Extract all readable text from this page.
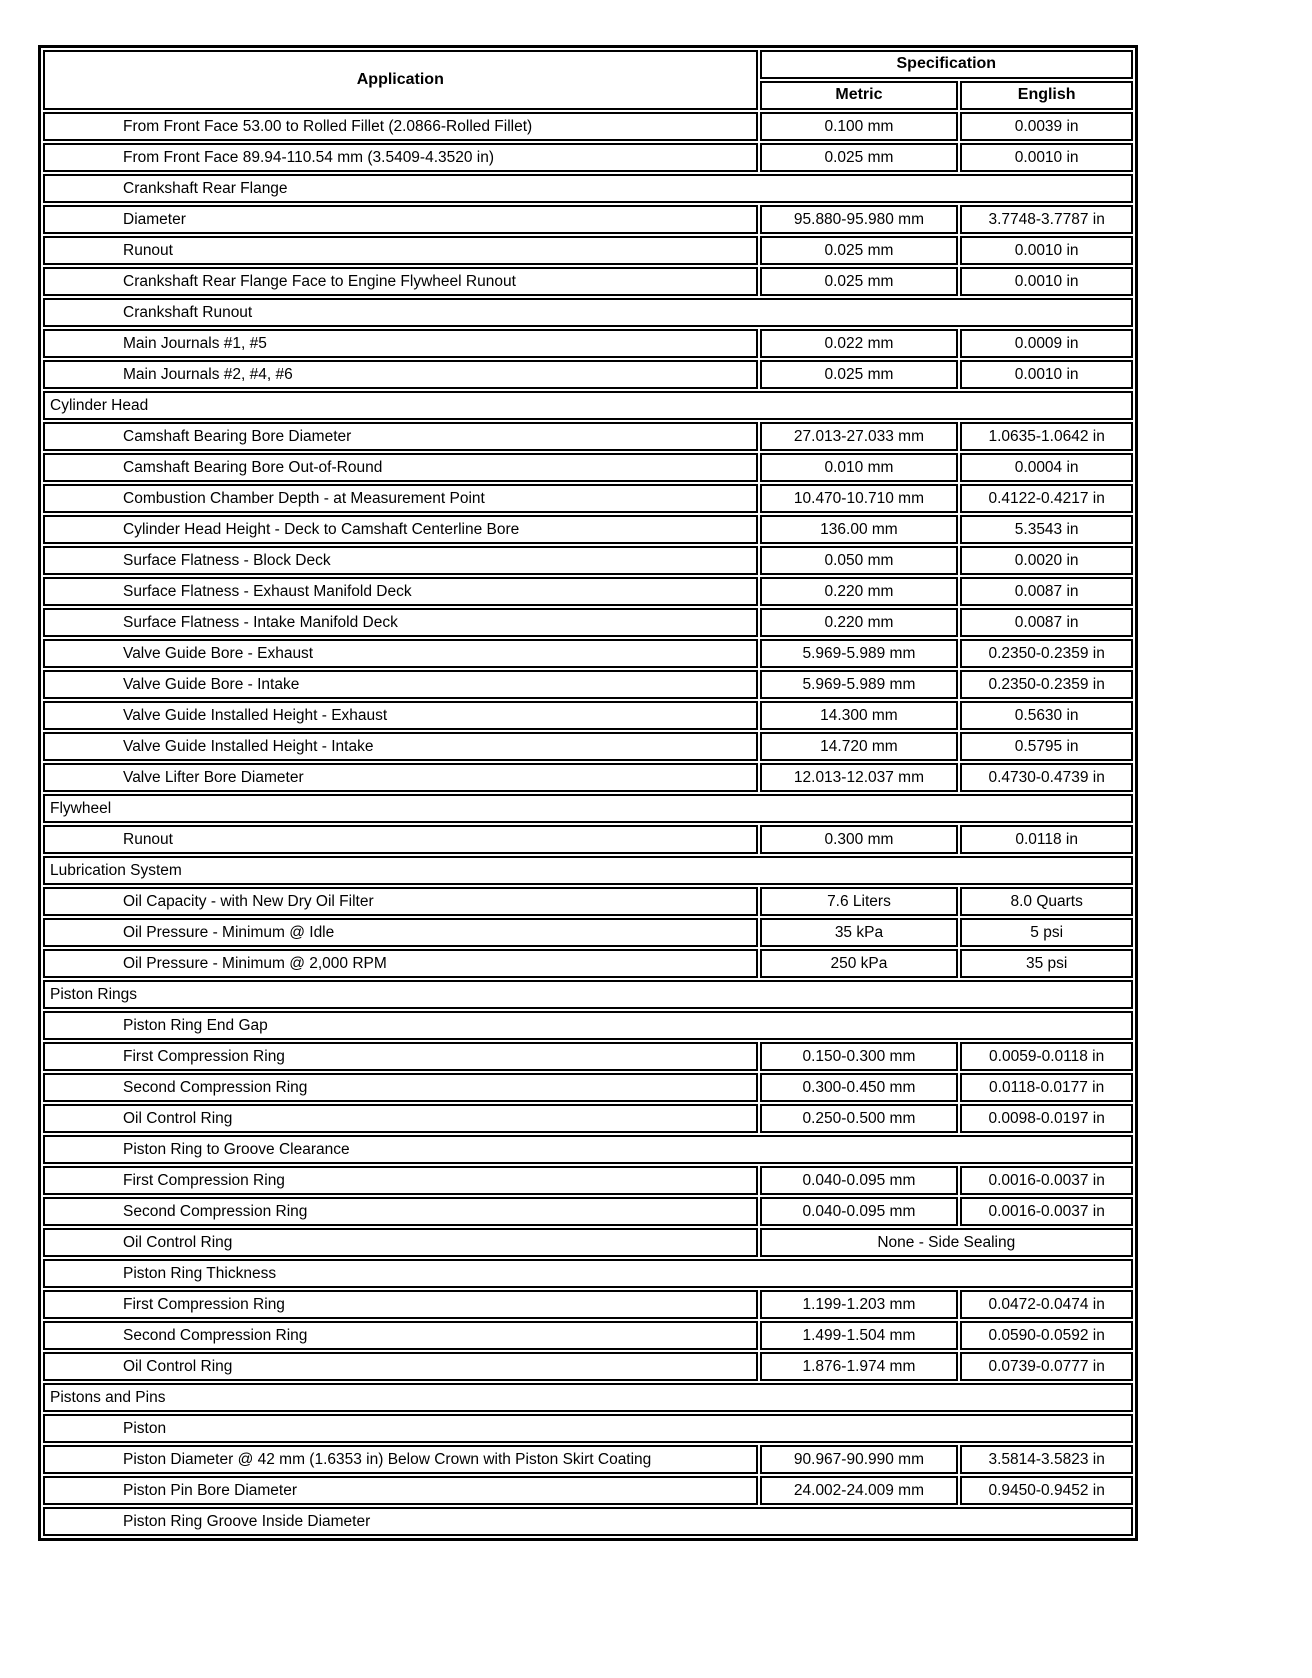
Application	Specification	
	Metric	English
From Front Face 53.00 to Rolled Fillet (2.0866-Rolled Fillet)	0.100 mm	0.0039 in
From Front Face 89.94-110.54 mm (3.5409-4.3520 in)	0.025 mm	0.0010 in
Crankshaft Rear Flange		
Diameter	95.880-95.980 mm	3.7748-3.7787 in
Runout	0.025 mm	0.0010 in
Crankshaft Rear Flange Face to Engine Flywheel Runout	0.025 mm	0.0010 in
Crankshaft Runout		
Main Journals #1, #5	0.022 mm	0.0009 in
Main Journals #2, #4, #6	0.025 mm	0.0010 in
Cylinder Head		
Camshaft Bearing Bore Diameter	27.013-27.033 mm	1.0635-1.0642 in
Camshaft Bearing Bore Out-of-Round	0.010 mm	0.0004 in
Combustion Chamber Depth - at Measurement Point	10.470-10.710 mm	0.4122-0.4217 in
Cylinder Head Height - Deck to Camshaft Centerline Bore	136.00 mm	5.3543 in
Surface Flatness - Block Deck	0.050 mm	0.0020 in
Surface Flatness - Exhaust Manifold Deck	0.220 mm	0.0087 in
Surface Flatness - Intake Manifold Deck	0.220 mm	0.0087 in
Valve Guide Bore - Exhaust	5.969-5.989 mm	0.2350-0.2359 in
Valve Guide Bore - Intake	5.969-5.989 mm	0.2350-0.2359 in
Valve Guide Installed Height - Exhaust	14.300 mm	0.5630 in
Valve Guide Installed Height - Intake	14.720 mm	0.5795 in
Valve Lifter Bore Diameter	12.013-12.037 mm	0.4730-0.4739 in
Flywheel		
Runout	0.300 mm	0.0118 in
Lubrication System		
Oil Capacity - with New Dry Oil Filter	7.6 Liters	8.0 Quarts
Oil Pressure - Minimum @ Idle	35 kPa	5 psi
Oil Pressure - Minimum @ 2,000 RPM	250 kPa	35 psi
Piston Rings		
Piston Ring End Gap		
First Compression Ring	0.150-0.300 mm	0.0059-0.0118 in
Second Compression Ring	0.300-0.450 mm	0.0118-0.0177 in
Oil Control Ring	0.250-0.500 mm	0.0098-0.0197 in
Piston Ring to Groove Clearance		
First Compression Ring	0.040-0.095 mm	0.0016-0.0037 in
Second Compression Ring	0.040-0.095 mm	0.0016-0.0037 in
Oil Control Ring	None - Side Sealing	
Piston Ring Thickness		
First Compression Ring	1.199-1.203 mm	0.0472-0.0474 in
Second Compression Ring	1.499-1.504 mm	0.0590-0.0592 in
Oil Control Ring	1.876-1.974 mm	0.0739-0.0777 in
Pistons and Pins		
Piston		
Piston Diameter @ 42 mm (1.6353 in) Below Crown with Piston Skirt Coating	90.967-90.990 mm	3.5814-3.5823 in
Piston Pin Bore Diameter	24.002-24.009 mm	0.9450-0.9452 in
Piston Ring Groove Inside Diameter		
